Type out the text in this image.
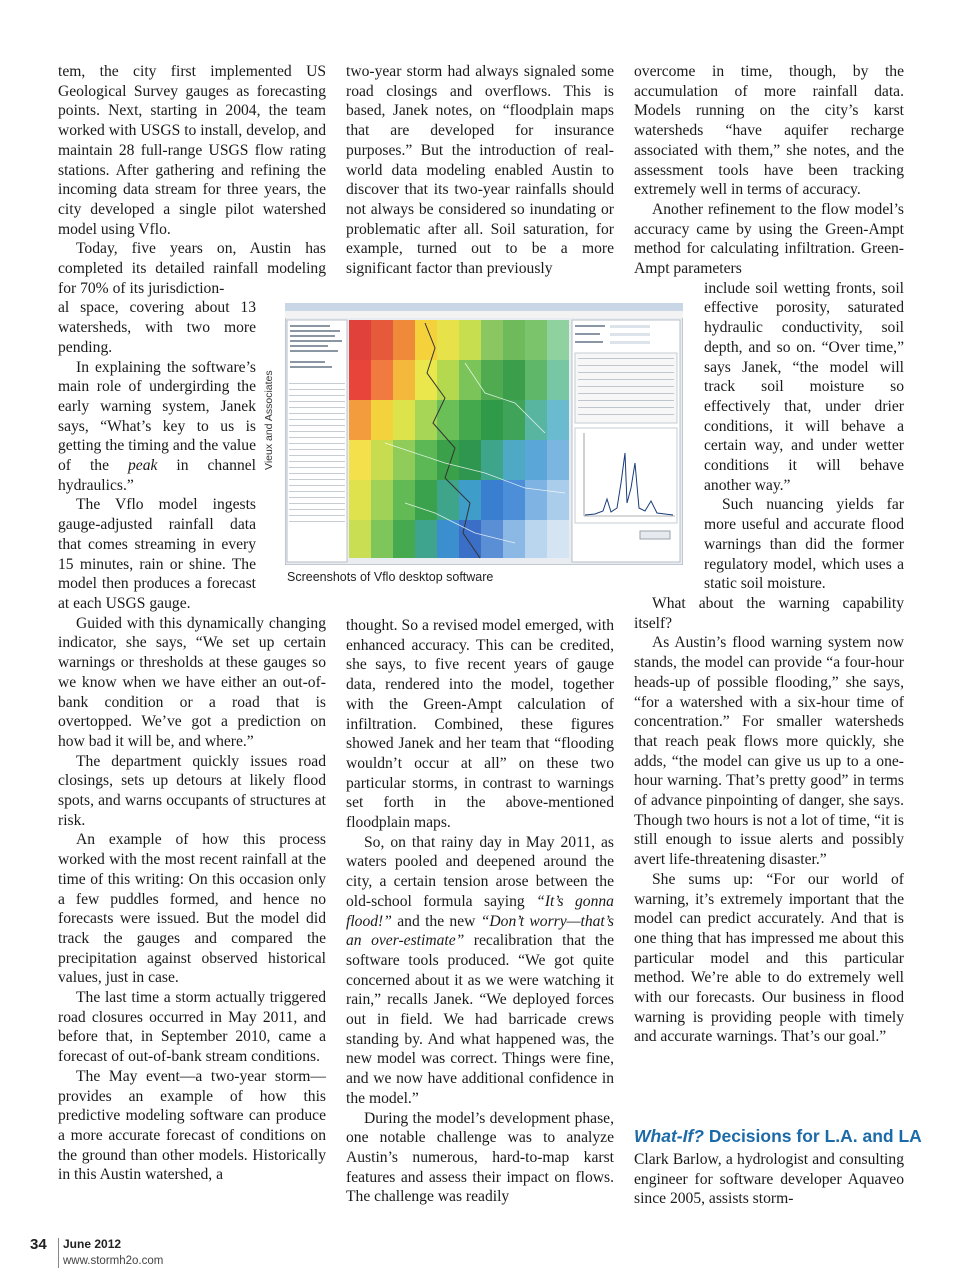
tem, the city first implemented US Geological Survey gauges as forecasting points. Next, starting in 2004, the team worked with USGS to install, develop, and maintain 28 full-range USGS flow rating stations. After gathering and refining the incoming data stream for three years, the city developed a single pilot watershed model using Vflo.

Today, five years on, Austin has completed its detailed rainfall modeling for 70% of its jurisdiction-

al space, covering about 13 watersheds, with two more pending.

In explaining the software’s main role of undergirding the early warning system, Janek says, “What’s key to us is getting the timing and the value of the peak in channel hydraulics.”

The Vflo model ingests gauge-adjusted rainfall data that comes streaming in every 15 minutes, rain or shine. The model then produces a forecast at each USGS gauge.

Guided with this dynamically changing indicator, she says, “We set up certain warnings or thresholds at these gauges so we know when we have either an out-of-bank condition or a road that is overtopped. We’ve got a prediction on how bad it will be, and where.”

The department quickly issues road closings, sets up detours at likely flood spots, and warns occupants of structures at risk.

An example of how this process worked with the most recent rainfall at the time of this writing: On this occasion only a few puddles formed, and hence no forecasts were issued. But the model did track the gauges and compared the precipitation against observed historical values, just in case.

The last time a storm actually triggered road closures occurred in May 2011, and before that, in September 2010, came a forecast of out-of-bank stream conditions.

The May event—a two-year storm—provides an example of how this predictive modeling software can produce a more accurate forecast of conditions on the ground than other models. Historically in this Austin watershed, a

two-year storm had always signaled some road closings and overflows. This is based, Janek notes, on “floodplain maps that are developed for insurance purposes.” But the introduction of real-world data modeling enabled Austin to discover that its two-year rainfalls should not always be considered so inundating or problematic after all. Soil saturation, for example, turned out to be a more significant factor than previously

thought. So a revised model emerged, with enhanced accuracy. This can be credited, she says, to five recent years of gauge data, rendered into the model, together with the Green-Ampt calculation of infiltration. Combined, these figures showed Janek and her team that “flooding wouldn’t occur at all” on these two particular storms, in contrast to warnings set forth in the above-mentioned floodplain maps.

So, on that rainy day in May 2011, as waters pooled and deepened around the city, a certain tension arose between the old-school formula saying “It’s gonna flood!” and the new “Don’t worry—that’s an over-estimate” recalibration that the software tools produced. “We got quite concerned about it as we were watching it rain,” recalls Janek. “We deployed forces out in field. We had barricade crews standing by. And what happened was, the new model was correct. Things were fine, and we now have additional confidence in the model.”

During the model’s development phase, one notable challenge was to analyze Austin’s numerous, hard-to-map karst features and assess their impact on flows. The challenge was readily

overcome in time, though, by the accumulation of more rainfall data. Models running on the city’s karst watersheds “have aquifer recharge associated with them,” she notes, and the assessment tools have been tracking extremely well in terms of accuracy.

Another refinement to the flow model’s accuracy came by using the Green-Ampt method for calculating infiltration. Green-Ampt parameters

include soil wetting fronts, soil effective porosity, saturated hydraulic conductivity, soil depth, and so on. “Over time,” says Janek, “the model will track soil moisture so effectively that, under drier conditions, it will behave a certain way, and under wetter conditions it will behave another way.”

Such nuancing yields far more useful and accurate flood warnings than did the former regulatory model, which uses a static soil moisture.

What about the warning capability itself?

As Austin’s flood warning system now stands, the model can provide “a four-hour heads-up of possible flooding,” she says, “for a watershed with a six-hour time of concentration.” For smaller watersheds that reach peak flows more quickly, she adds, “the model can give us up to a one-hour warning. That’s pretty good” in terms of advance pinpointing of danger, she says. Though two hours is not a lot of time, “it is still enough to issue alerts and possibly avert life-threatening disaster.”

She sums up: “For our world of warning, it’s extremely important that the model can predict accurately. And that is one thing that has impressed me about this particular model and this particular method. We’re able to do extremely well with our forecasts. Our business in flood warning is providing people with timely and accurate warnings. That’s our goal.”

Vieux and Associates
Screenshots of Vflo desktop software
What-If? Decisions for L.A. and LA
Clark Barlow, a hydrologist and consulting engineer for software developer Aquaveo since 2005, assists storm-
34 June 2012
www.stormh2o.com
